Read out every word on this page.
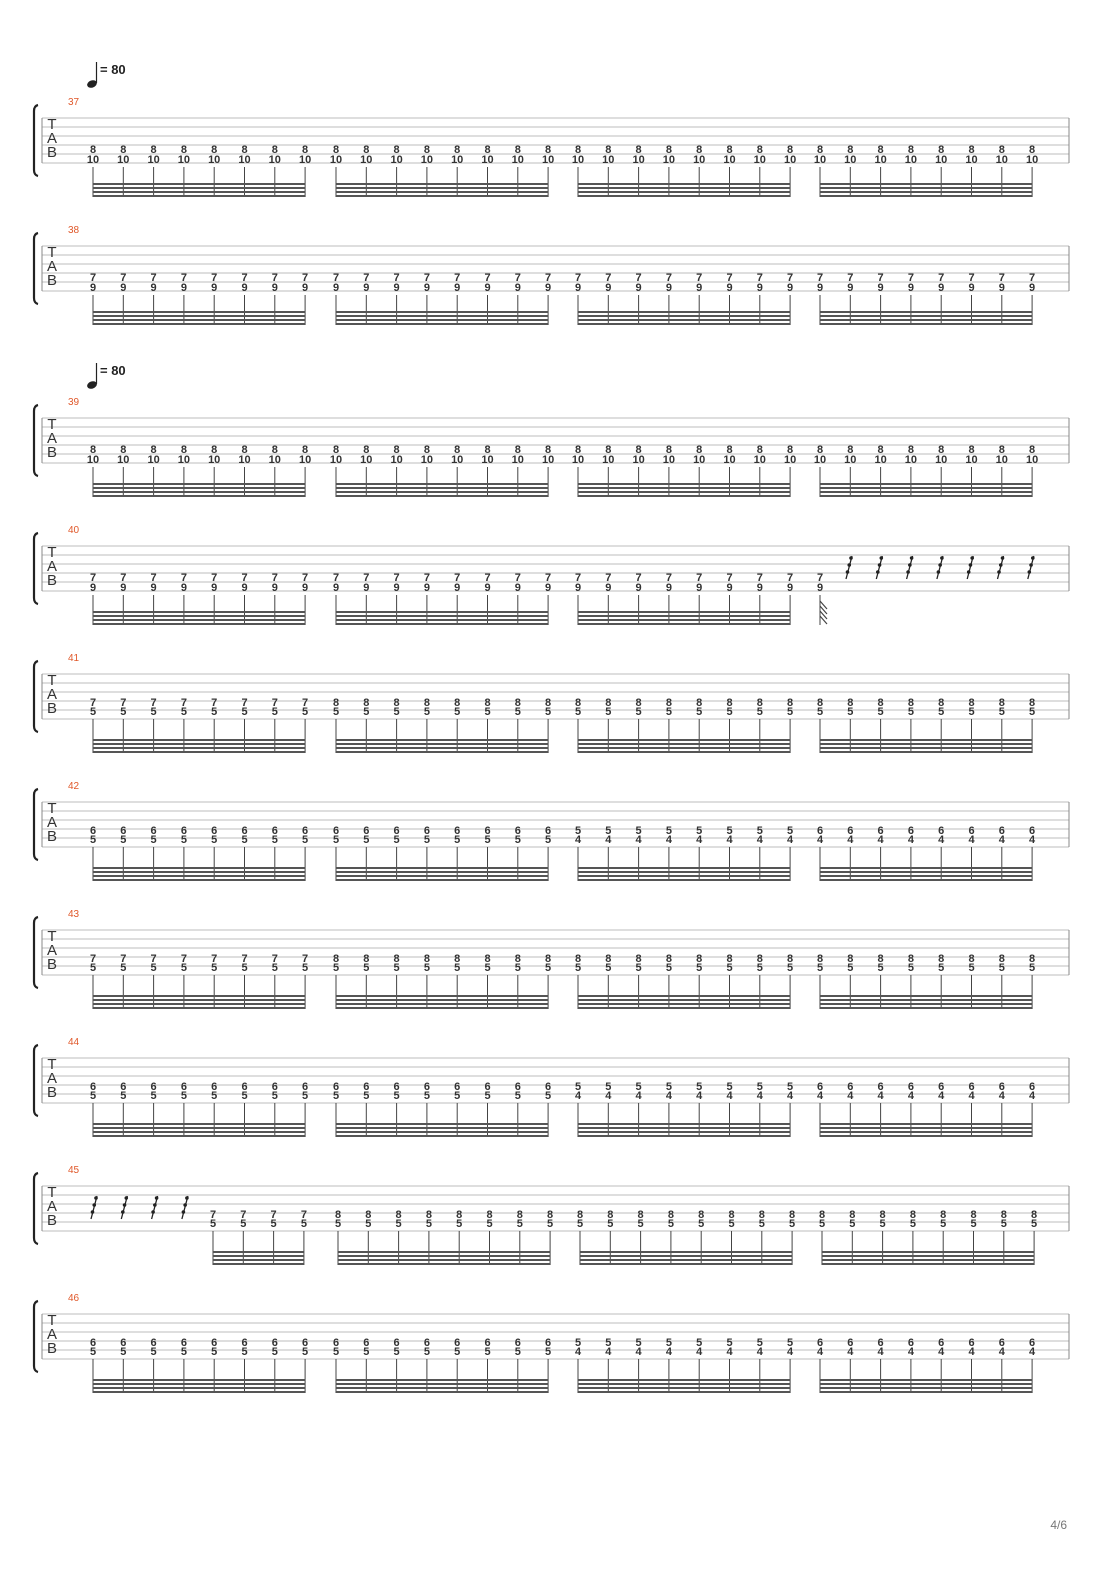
= 80
= 80
37
T
A
B	8
10
8
10
8
10
8
10
8
10
8
10
8
10
8
10
8
10
8
10
8
10
8
10
8
10
8
10
8
10
8
10
8
10
8
10
8
10
8
10
8
10
8
10
8
10
8
10
8
10
8
10
8
10
8
10
8
10
8
10
8
10
8
10
38
T
A
B	7
9
7
9
7
9
7
9
7
9
7
9
7
9
7
9
7
9
7
9
7
9
7
9
7
9
7
9
7
9
7
9
7
9
7
9
7
9
7
9
7
9
7
9
7
9
7
9
7
9
7
9
7
9
7
9
7
9
7
9
7
9
7
9
39
T
A
B	8
10
8
10
8
10
8
10
8
10
8
10
8
10
8
10
8
10
8
10
8
10
8
10
8
10
8
10
8
10
8
10
8
10
8
10
8
10
8
10
8
10
8
10
8
10
8
10
8
10
8
10
8
10
8
10
8
10
8
10
8
10
8
10
40
T
A
B	7
9
7
9
7
9
7
9
7
9
7
9
7
9
7
9
7
9
7
9
7
9
7
9
7
9
7
9
7
9
7
9
7
9
7
9
7
9
7
9
7
9
7
9
7
9
7
9
7
9
41
T
A
B	7
5
7
5
7
5
7
5
7
5
7
5
7
5
7
5
8
5
8
5
8
5
8
5
8
5
8
5
8
5
8
5
8
5
8
5
8
5
8
5
8
5
8
5
8
5
8
5
8
5
8
5
8
5
8
5
8
5
8
5
8
5
8
5
42
T
A
B	6
5
6
5
6
5
6
5
6
5
6
5
6
5
6
5
6
5
6
5
6
5
6
5
6
5
6
5
6
5
6
5
5
4
5
4
5
4
5
4
5
4
5
4
5
4
5
4
6
4
6
4
6
4
6
4
6
4
6
4
6
4
6
4
43
T
A
B	7
5
7
5
7
5
7
5
7
5
7
5
7
5
7
5
8
5
8
5
8
5
8
5
8
5
8
5
8
5
8
5
8
5
8
5
8
5
8
5
8
5
8
5
8
5
8
5
8
5
8
5
8
5
8
5
8
5
8
5
8
5
8
5
44
T
A
B	6
5
6
5
6
5
6
5
6
5
6
5
6
5
6
5
6
5
6
5
6
5
6
5
6
5
6
5
6
5
6
5
5
4
5
4
5
4
5
4
5
4
5
4
5
4
5
4
6
4
6
4
6
4
6
4
6
4
6
4
6
4
6
4
45
T
A
B	7
5
7
5
7
5
7
5
8
5
8
5
8
5
8
5
8
5
8
5
8
5
8
5
8
5
8
5
8
5
8
5
8
5
8
5
8
5
8
5
8
5
8
5
8
5
8
5
8
5
8
5
8
5
8
5
46
T
A
B	6
5
6
5
6
5
6
5
6
5
6
5
6
5
6
5
6
5
6
5
6
5
6
5
6
5
6
5
6
5
6
5
5
4
5
4
5
4
5
4
5
4
5
4
5
4
5
4
6
4
6
4
6
4
6
4
6
4
6
4
6
4
6
4
4/6
